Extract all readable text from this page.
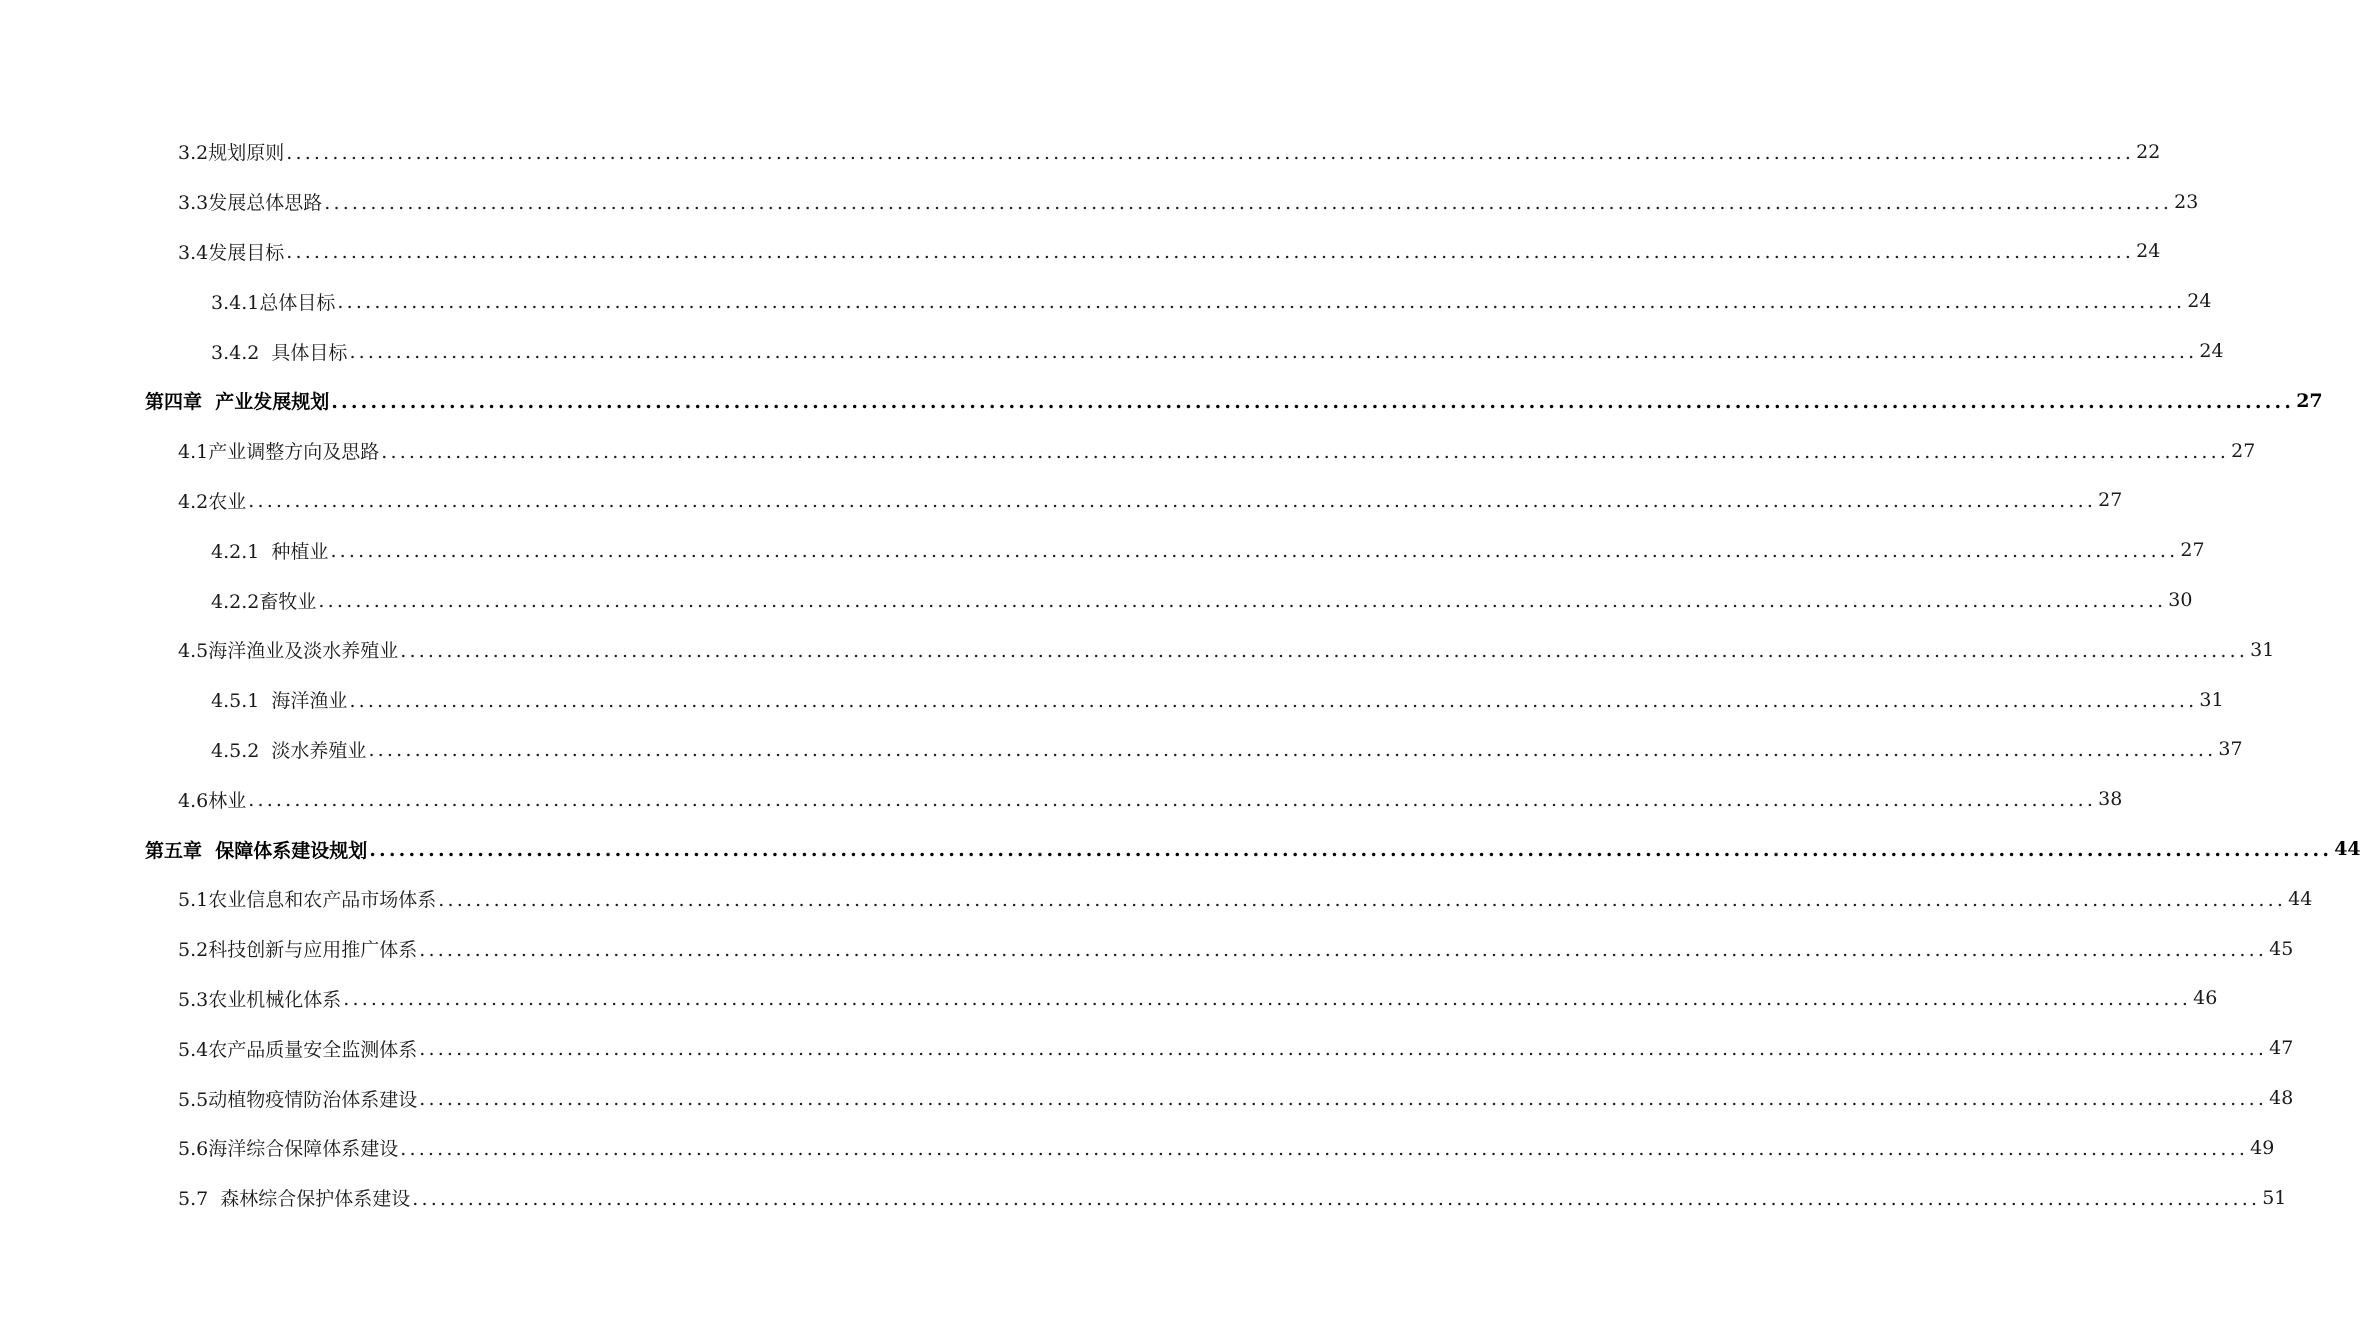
3.2规划原则 ........................................................................................................................................................................................................ 22
3.3发展总体思路 ........................................................................................................................................................................................................ 23
3.4发展目标 ........................................................................................................................................................................................................ 24
3.4.1总体目标 ........................................................................................................................................................................................................ 24
3.4.2  具体目标 ........................................................................................................................................................................................................ 24
第四章  产业发展规划 ........................................................................................................................................................................................................ 27
4.1产业调整方向及思路 ........................................................................................................................................................................................................ 27
4.2农业 ........................................................................................................................................................................................................ 27
4.2.1  种植业 ........................................................................................................................................................................................................ 27
4.2.2畜牧业 ........................................................................................................................................................................................................ 30
4.5海洋渔业及淡水养殖业 ........................................................................................................................................................................................................ 31
4.5.1  海洋渔业 ........................................................................................................................................................................................................ 31
4.5.2  淡水养殖业 ........................................................................................................................................................................................................ 37
4.6林业 ........................................................................................................................................................................................................ 38
第五章  保障体系建设规划 ........................................................................................................................................................................................................ 44
5.1农业信息和农产品市场体系 ........................................................................................................................................................................................................ 44
5.2科技创新与应用推广体系 ........................................................................................................................................................................................................ 45
5.3农业机械化体系 ........................................................................................................................................................................................................ 46
5.4农产品质量安全监测体系 ........................................................................................................................................................................................................ 47
5.5动植物疫情防治体系建设 ........................................................................................................................................................................................................ 48
5.6海洋综合保障体系建设 ........................................................................................................................................................................................................ 49
5.7  森林综合保护体系建设 ........................................................................................................................................................................................................ 51
